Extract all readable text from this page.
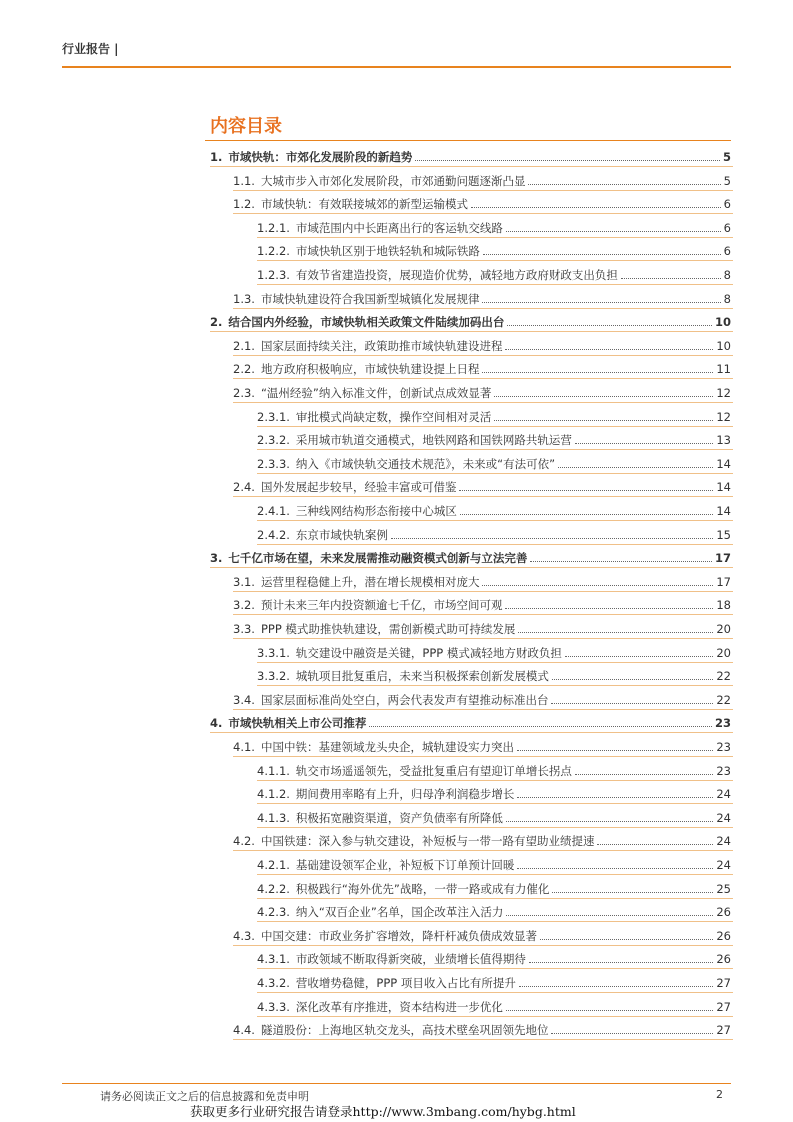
行业报告 |
内容目录
1. 市域快轨：市郊化发展阶段的新趋势	5
1.1. 大城市步入市郊化发展阶段，市郊通勤问题逐渐凸显	5
1.2. 市域快轨：有效联接城郊的新型运输模式	6
1.2.1. 市域范围内中长距离出行的客运轨交线路	6
1.2.2. 市域快轨区别于地铁轻轨和城际铁路	6
1.2.3. 有效节省建造投资，展现造价优势，减轻地方政府财政支出负担	8
1.3. 市域快轨建设符合我国新型城镇化发展规律	8
2. 结合国内外经验，市域快轨相关政策文件陆续加码出台	10
2.1. 国家层面持续关注，政策助推市域快轨建设进程	10
2.2. 地方政府积极响应，市域快轨建设提上日程	11
2.3. “温州经验”纳入标准文件，创新试点成效显著	12
2.3.1. 审批模式尚缺定数，操作空间相对灵活	12
2.3.2. 采用城市轨道交通模式，地铁网路和国铁网路共轨运营	13
2.3.3. 纳入《市域快轨交通技术规范》，未来或“有法可依”	14
2.4. 国外发展起步较早，经验丰富或可借鉴	14
2.4.1. 三种线网结构形态衔接中心城区	14
2.4.2. 东京市域快轨案例	15
3. 七千亿市场在望，未来发展需推动融资模式创新与立法完善	17
3.1. 运营里程稳健上升，潜在增长规模相对庞大	17
3.2. 预计未来三年内投资额逾七千亿，市场空间可观	18
3.3. PPP 模式助推快轨建设，需创新模式助可持续发展	20
3.3.1. 轨交建设中融资是关键，PPP 模式减轻地方财政负担	20
3.3.2. 城轨项目批复重启，未来当积极探索创新发展模式	22
3.4. 国家层面标准尚处空白，两会代表发声有望推动标准出台	22
4. 市域快轨相关上市公司推荐	23
4.1. 中国中铁：基建领域龙头央企，城轨建设实力突出	23
4.1.1. 轨交市场遥遥领先，受益批复重启有望迎订单增长拐点	23
4.1.2. 期间费用率略有上升，归母净利润稳步增长	24
4.1.3. 积极拓宽融资渠道，资产负债率有所降低	24
4.2. 中国铁建：深入参与轨交建设，补短板与一带一路有望助业绩提速	24
4.2.1. 基础建设领军企业，补短板下订单预计回暖	24
4.2.2. 积极践行“海外优先”战略，一带一路或成有力催化	25
4.2.3. 纳入“双百企业”名单，国企改革注入活力	26
4.3. 中国交建：市政业务扩容增效，降杆杆减负债成效显著	26
4.3.1. 市政领域不断取得新突破，业绩增长值得期待	26
4.3.2. 营收增势稳健，PPP 项目收入占比有所提升	27
4.3.3. 深化改革有序推进，资本结构进一步优化	27
4.4. 隧道股份：上海地区轨交龙头，高技术壁垒巩固领先地位	27
请务必阅读正文之后的信息披露和免责申明	2
获取更多行业研究报告请登录http://www.3mbang.com/hybg.html
